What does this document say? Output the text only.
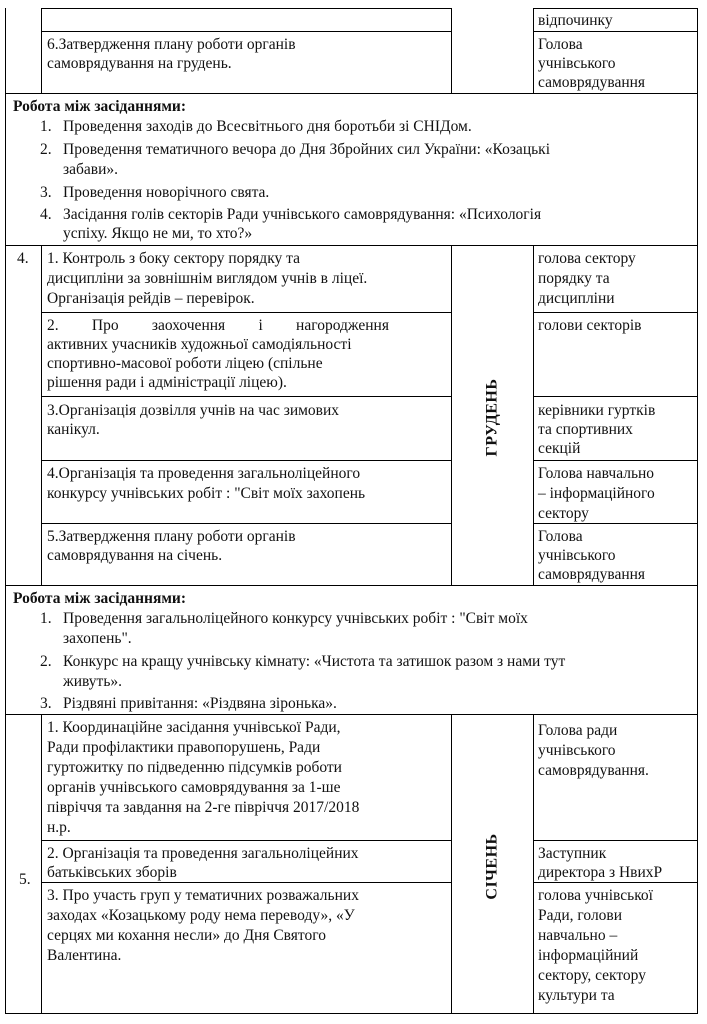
відпочинку
6.Затвердження плану роботи органів
самоврядування на грудень.
Голова
учнівського
самоврядування
Робота між засіданнями:
1. Проведення заходів до Всесвітнього дня боротьби зі СНІДом.
2. Проведення тематичного вечора до Дня Збройних сил України: «Козацькі
забави».
3. Проведення новорічного свята.
4. Засідання голів секторів Ради учнівського самоврядування: «Психологія
успіху. Якщо не ми, то хто?»
4.
ГРУДЕНЬ
1. Контроль з боку сектору порядку та
дисципліни за зовнішнім виглядом учнів в ліцеї.
Організація рейдів – перевірок.
голова сектору
порядку та
дисципліни
2. Про заохочення і нагородження
активних учасників художньої самодіяльності
спортивно-масової роботи ліцею (спільне
рішення ради і адміністрації ліцею).
голови секторів
3.Організація дозвілля учнів на час зимових
канікул.
керівники гуртків
та спортивних
секцій
4.Організація та проведення загальноліцейного
конкурсу учнівських робіт : "Світ моїх захопень
Голова навчально
– інформаційного
сектору
5.Затвердження плану роботи органів
самоврядування на січень.
Голова
учнівського
самоврядування
Робота між засіданнями:
1. Проведення загальноліцейного конкурсу учнівських робіт : "Світ моїх
захопень".
2. Конкурс на кращу учнівську кімнату: «Чистота та затишок разом з нами тут
живуть».
3. Різдвяні привітання: «Різдвяна зіронька».
5.	СІЧЕНЬ
1. Координаційне засідання учнівської Ради,
Ради профілактики правопорушень, Ради
гуртожитку по підведенню підсумків роботи
органів учнівського самоврядування за 1-ше
півріччя та завдання на 2-ге півріччя 2017/2018
н.р.
Голова ради
учнівського
самоврядування.
2. Організація та проведення загальноліцейних
батьківських зборів
Заступник
директора з НвихР
3. Про участь груп у тематичних розважальних
заходах «Козацькому роду нема переводу», «У
серцях ми кохання несли» до Дня Святого
Валентина.
голова учнівської
Ради, голови
навчально –
інформаційний
сектору, сектору
культури та
